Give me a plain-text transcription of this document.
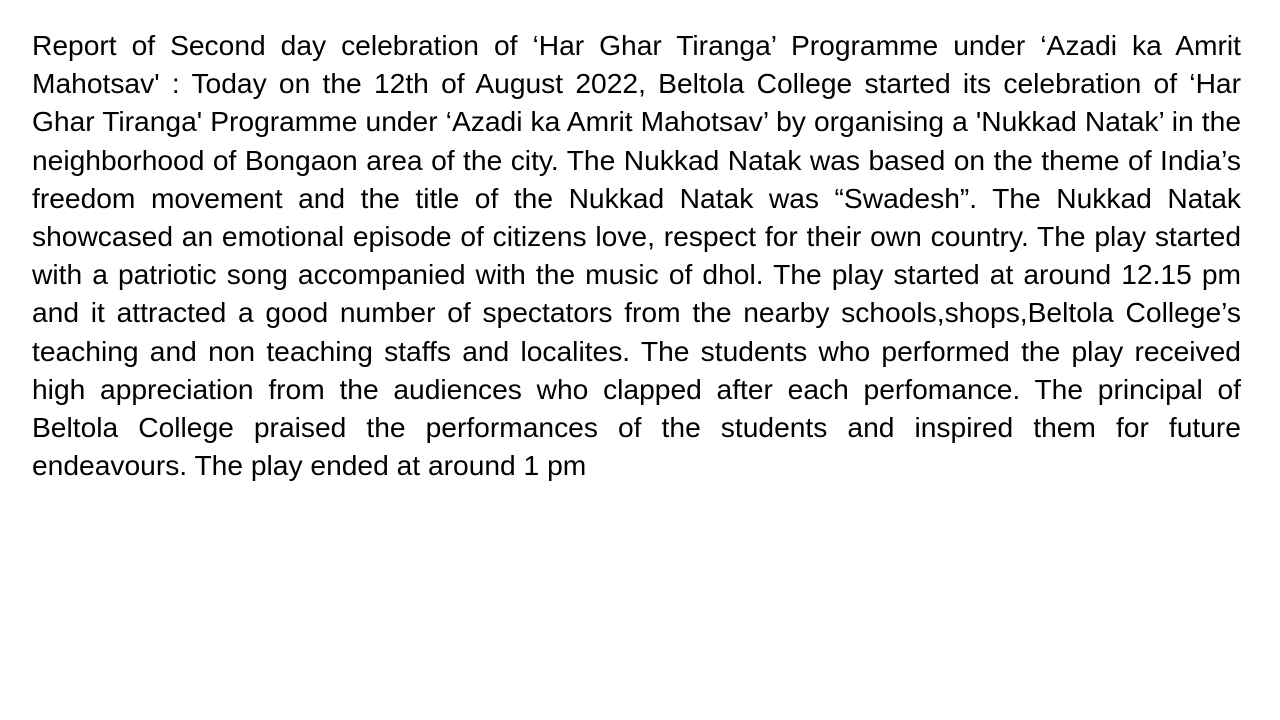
Report of Second day celebration of ‘Har Ghar Tiranga’ Programme under ‘Azadi ka Amrit Mahotsav' : Today on the 12th of August 2022, Beltola College started its celebration of ‘Har Ghar Tiranga' Programme under ‘Azadi ka Amrit Mahotsav’ by organising a 'Nukkad Natak’ in the neighborhood of Bongaon area of the city. The Nukkad Natak was based on the theme of India’s freedom movement and the title of the Nukkad Natak was “Swadesh”. The Nukkad Natak showcased an emotional episode of citizens love, respect for their own country. The play started with a patriotic song accompanied with the music of dhol. The play started at around 12.15 pm and it attracted a good number of spectators from the nearby schools,shops,Beltola College’s teaching and non teaching staffs and localites. The students who performed the play received high appreciation from the audiences who clapped after each perfomance. The principal of Beltola College praised the performances of the students and inspired them for future endeavours. The play ended at around 1 pm
